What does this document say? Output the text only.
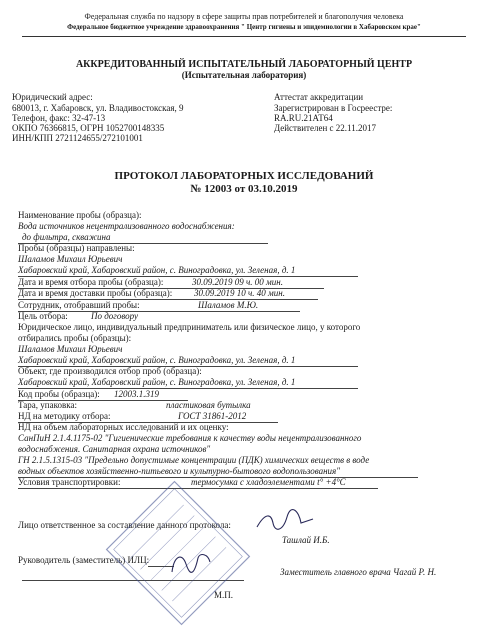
Федеральная служба по надзору в сфере защиты прав потребителей и благополучия человека
Федеральное бюджетное учреждение здравоохранения " Центр гигиены и эпидемиологии в Хабаровском крае"
АККРЕДИТОВАННЫЙ ИСПЫТАТЕЛЬНЫЙ ЛАБОРАТОРНЫЙ ЦЕНТР
(Испытательная лаборатория)
Юридический адрес:
680013, г. Хабаровск, ул. Владивостокская, 9
Телефон, факс: 32-47-13
ОКПО 76366815, ОГРН 1052700148335
ИНН/КПП 2721124655/272101001
Аттестат аккредитации
Зарегистрирован в Госреестре:
RA.RU.21АТ64
Действителен с 22.11.2017
ПРОТОКОЛ ЛАБОРАТОРНЫХ ИССЛЕДОВАНИЙ
№ 12003 от 03.10.2019
Наименование пробы (образца):
Вода источников нецентрализованного водоснабжения:
до фильтра, скважина
Пробы (образцы) направлены:
Шаламов Михаил Юрьевич
Хабаровский край, Хабаровский район, с. Виноградовка, ул. Зеленая, д. 1
Дата и время отбора пробы (образца):	30.09.2019 09 ч. 00 мин.
Дата и время доставки пробы (образца): 30.09.2019 10 ч. 40 мин.
Сотрудник, отобравший пробы:	Шаламов М.Ю.
Цель отбора:	По договору
Юридическое лицо, индивидуальный предприниматель или физическое лицо, у которого
отбирались пробы (образцы):
Шаламов Михаил Юрьевич
Хабаровский край, Хабаровский район, с. Виноградовка, ул. Зеленая, д. 1
Объект, где производился отбор проб (образца):
Хабаровский край, Хабаровский район, с. Виноградовка, ул. Зеленая, д. 1
Код пробы (образца): 12003.1.319
Тара, упаковка:	пластиковая бутылка
НД на методику отбора:	ГОСТ 31861-2012
НД на объем лабораторных исследований и их оценку:
СанПиН 2.1.4.1175-02 "Гигиенические требования к качеству воды нецентрализованного
водоснабжения. Санитарная охрана источников"
ГН 2.1.5.1315-03 "Предельно допустимые концентрации (ПДК) химических веществ в воде
водных объектов хозяйственно-питьевого и культурно-бытового водопользования"
Условия транспортировки:	термосумка с хладоэлементами t° +4°С
Лицо ответственное за составление данного протокола:
Ташлай И.Б.
Руководитель (заместитель) ИЛЦ:
Заместитель главного врача Чагай Р. Н.
М.П.
